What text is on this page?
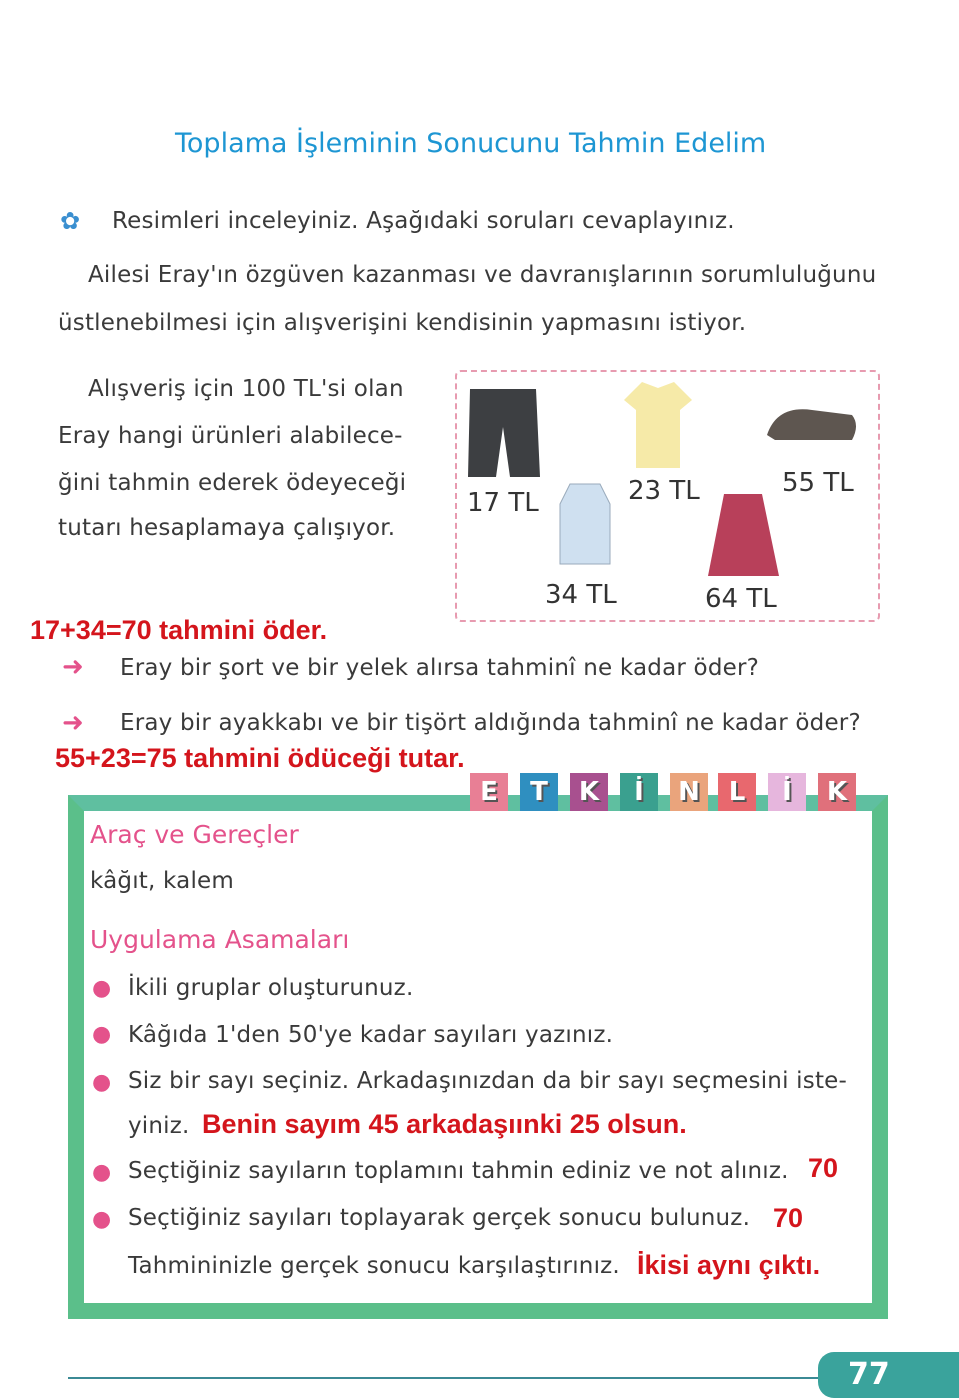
Toplama İşleminin Sonucunu Tahmin Edelim
✿ Resimleri inceleyiniz. Aşağıdaki soruları cevaplayınız.
Ailesi Eray'ın özgüven kazanması ve davranışlarının sorumluluğunu
üstlenebilmesi için alışverişini kendisinin yapmasını istiyor.
Alışveriş için 100 TL'si olan
Eray hangi ürünleri alabilece-
ğini tahmin ederek ödeyeceği
tutarı hesaplamaya çalışıyor.
17 TL	23 TL	55 TL
34 TL	64 TL
17+34=70 tahmini öder.
➜ Eray bir şort ve bir yelek alırsa tahminî ne kadar öder?
➜ Eray bir ayakkabı ve bir tişört aldığında tahminî ne kadar öder?
55+23=75 tahmini ödüceği tutar.
E	T	K	İ	N	L	İ	K
Araç ve Gereçler
kâğıt, kalem
Uygulama Asamaları
● İkili gruplar oluşturunuz.
● Kâğıda 1'den 50'ye kadar sayıları yazınız.
● Siz bir sayı seçiniz. Arkadaşınızdan da bir sayı seçmesini iste-
yiniz. Benin sayım 45 arkadaşıınki 25 olsun.
● Seçtiğiniz sayıların toplamını tahmin ediniz ve not alınız. 70
● Seçtiğiniz sayıları toplayarak gerçek sonucu bulunuz. 70
Tahmininizle gerçek sonucu karşılaştırınız. İkisi aynı çıktı.
77
